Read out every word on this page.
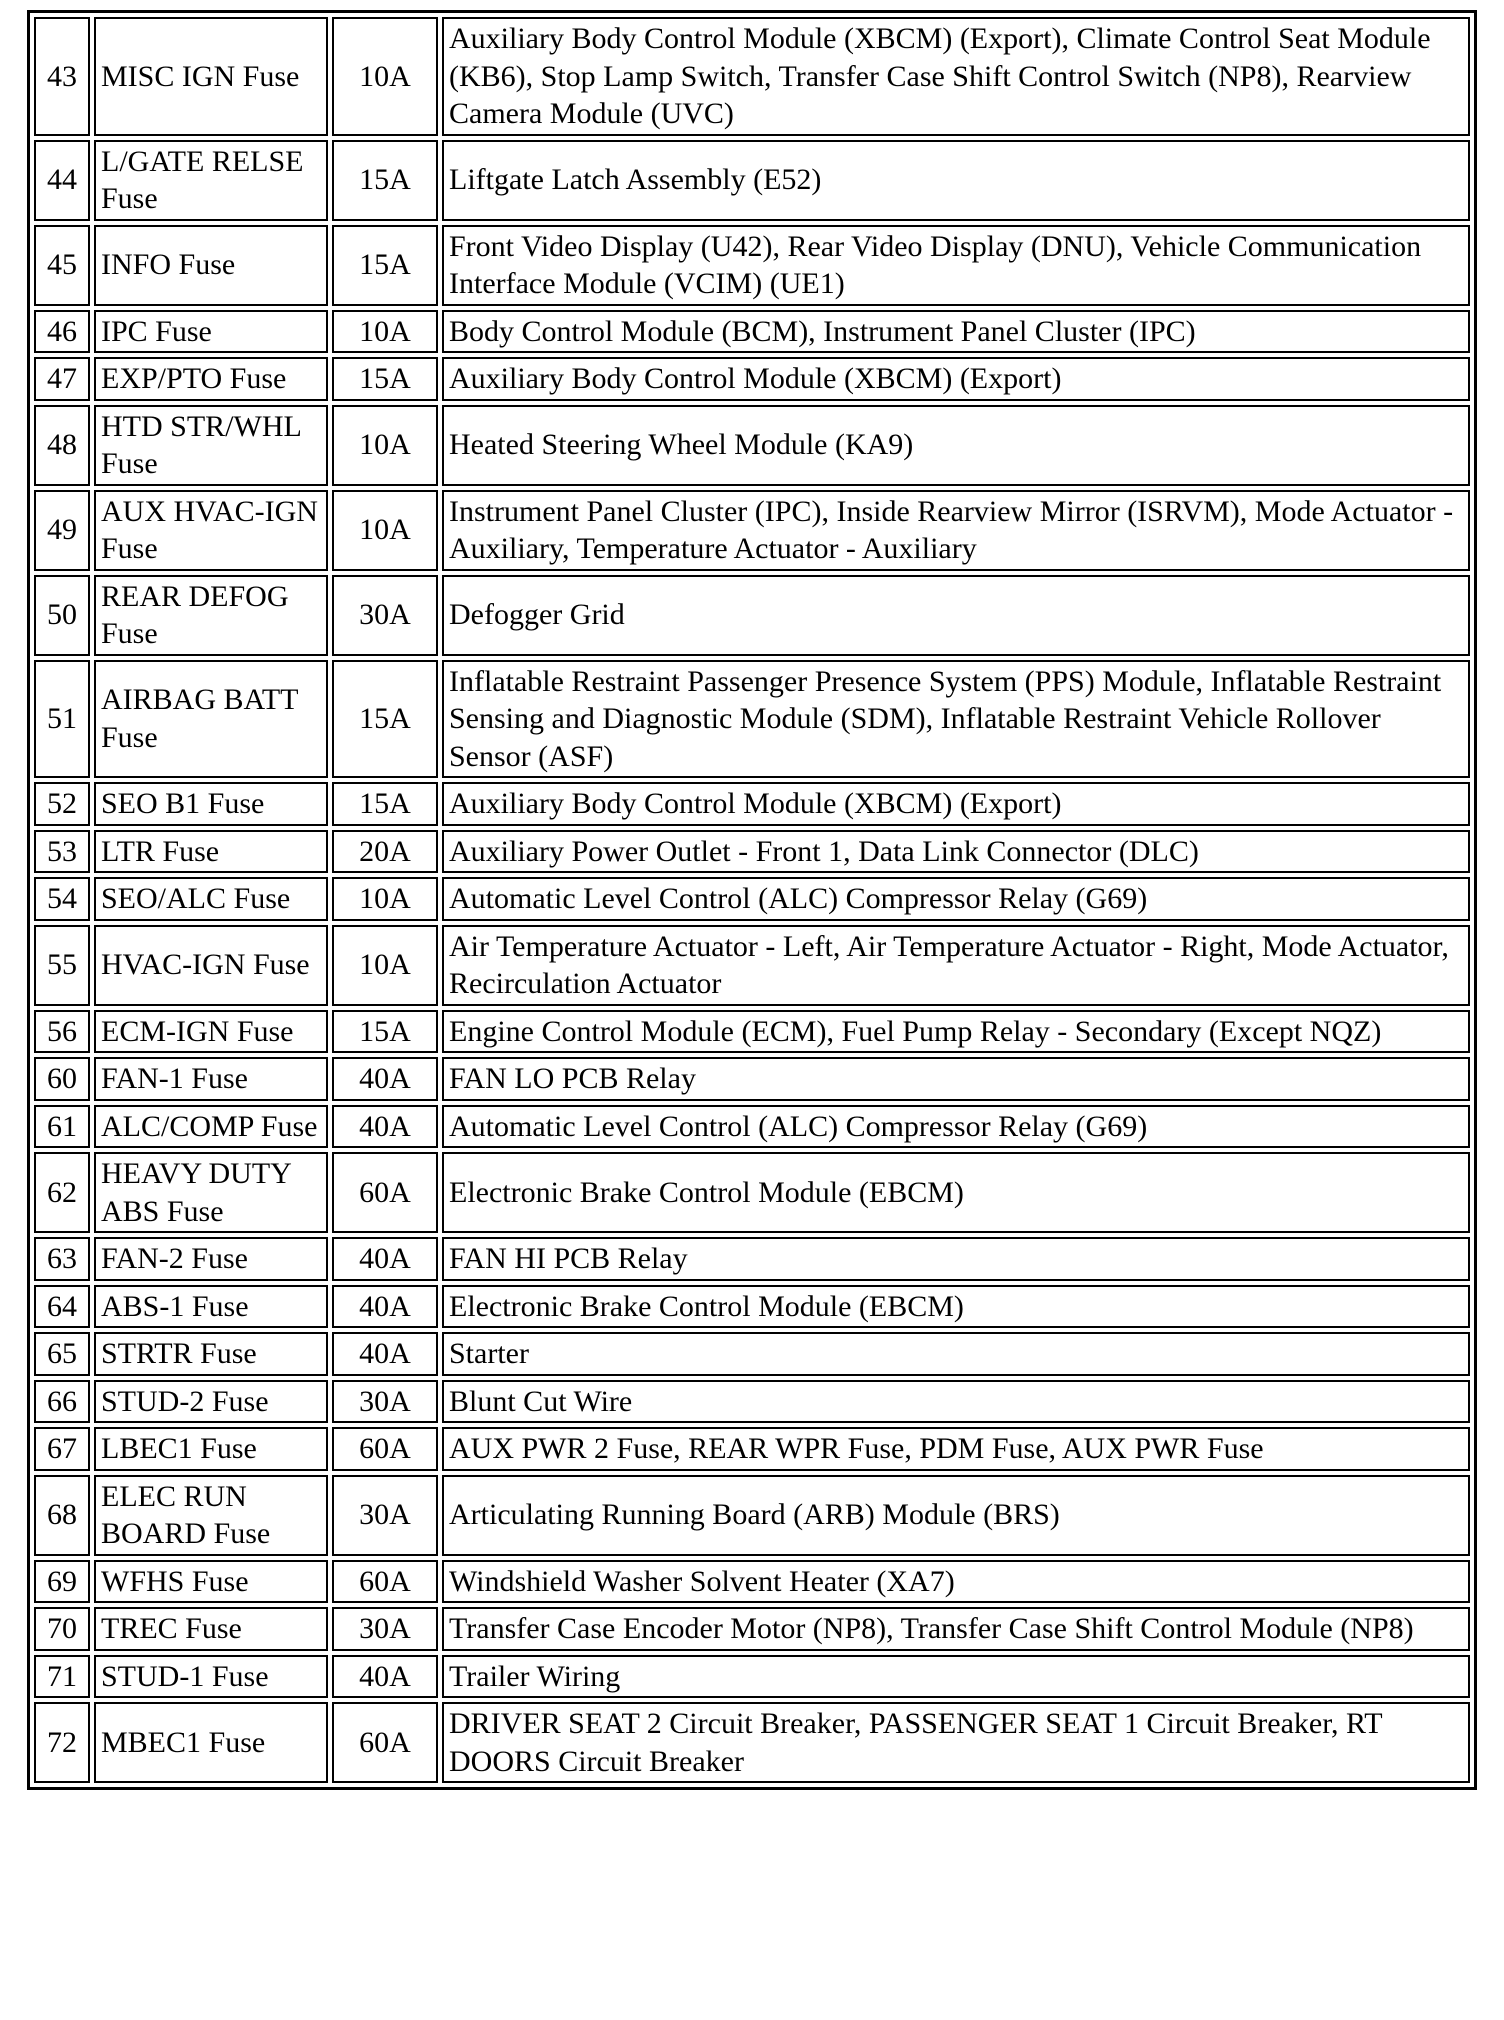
43	MISC IGN Fuse	10A	Auxiliary Body Control Module (XBCM) (Export), Climate Control Seat Module (KB6), Stop Lamp Switch, Transfer Case Shift Control Switch (NP8), Rearview Camera Module (UVC)
44	L/GATE RELSE Fuse	15A	Liftgate Latch Assembly (E52)
45	INFO Fuse	15A	Front Video Display (U42), Rear Video Display (DNU), Vehicle Communication Interface Module (VCIM) (UE1)
46	IPC Fuse	10A	Body Control Module (BCM), Instrument Panel Cluster (IPC)
47	EXP/PTO Fuse	15A	Auxiliary Body Control Module (XBCM) (Export)
48	HTD STR/WHL Fuse	10A	Heated Steering Wheel Module (KA9)
49	AUX HVAC-IGN Fuse	10A	Instrument Panel Cluster (IPC), Inside Rearview Mirror (ISRVM), Mode Actuator - Auxiliary, Temperature Actuator - Auxiliary
50	REAR DEFOG Fuse	30A	Defogger Grid
51	AIRBAG BATT Fuse	15A	Inflatable Restraint Passenger Presence System (PPS) Module, Inflatable Restraint Sensing and Diagnostic Module (SDM), Inflatable Restraint Vehicle Rollover Sensor (ASF)
52	SEO B1 Fuse	15A	Auxiliary Body Control Module (XBCM) (Export)
53	LTR Fuse	20A	Auxiliary Power Outlet - Front 1, Data Link Connector (DLC)
54	SEO/ALC Fuse	10A	Automatic Level Control (ALC) Compressor Relay (G69)
55	HVAC-IGN Fuse	10A	Air Temperature Actuator - Left, Air Temperature Actuator - Right, Mode Actuator, Recirculation Actuator
56	ECM-IGN Fuse	15A	Engine Control Module (ECM), Fuel Pump Relay - Secondary (Except NQZ)
60	FAN-1 Fuse	40A	FAN LO PCB Relay
61	ALC/COMP Fuse	40A	Automatic Level Control (ALC) Compressor Relay (G69)
62	HEAVY DUTY ABS Fuse	60A	Electronic Brake Control Module (EBCM)
63	FAN-2 Fuse	40A	FAN HI PCB Relay
64	ABS-1 Fuse	40A	Electronic Brake Control Module (EBCM)
65	STRTR Fuse	40A	Starter
66	STUD-2 Fuse	30A	Blunt Cut Wire
67	LBEC1 Fuse	60A	AUX PWR 2 Fuse, REAR WPR Fuse, PDM Fuse, AUX PWR Fuse
68	ELEC RUN BOARD Fuse	30A	Articulating Running Board (ARB) Module (BRS)
69	WFHS Fuse	60A	Windshield Washer Solvent Heater (XA7)
70	TREC Fuse	30A	Transfer Case Encoder Motor (NP8), Transfer Case Shift Control Module (NP8)
71	STUD-1 Fuse	40A	Trailer Wiring
72	MBEC1 Fuse	60A	DRIVER SEAT 2 Circuit Breaker, PASSENGER SEAT 1 Circuit Breaker, RT DOORS Circuit Breaker
